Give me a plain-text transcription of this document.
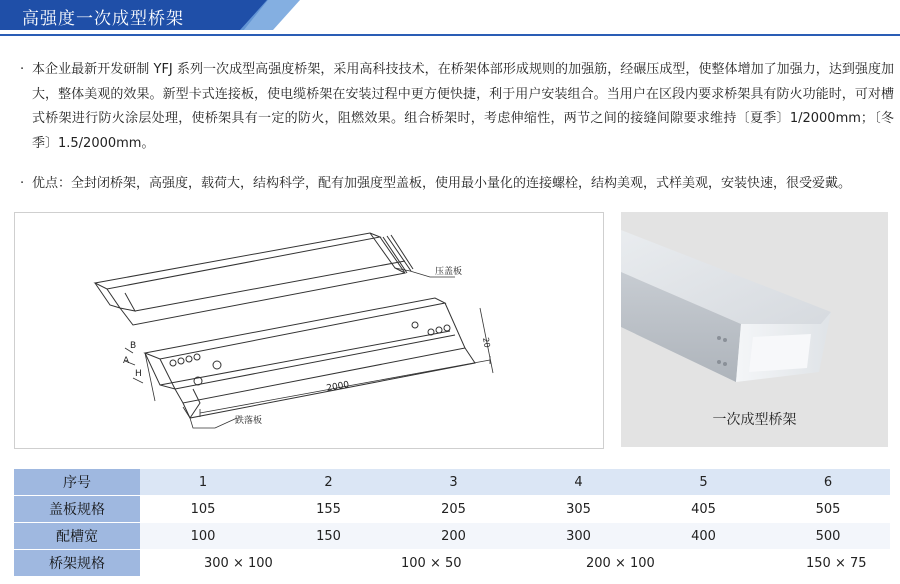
高强度一次成型桥架
· 本企业最新开发研制 YFJ 系列一次成型高强度桥架，采用高科技技术，在桥架体部形成规则的加强筋，经碾压成型，使整体增加了加强力，达到强度加大，整体美观的效果。新型卡式连接板，使电缆桥架在安装过程中更方便快捷，利于用户安装组合。当用户在区段内要求桥架具有防火功能时，可对槽式桥架进行防火涂层处理，使桥架具有一定的防火，阻燃效果。组合桥架时，考虑伸缩性，两节之间的接缝间隙要求维持〔夏季〕1/2000mm；〔冬季〕1.5/2000mm。
· 优点：全封闭桥架，高强度，载荷大，结构科学，配有加强度型盖板，使用最小量化的连接螺栓，结构美观，式样美观，安装快速，很受爱戴。
压盖板
跌落板
2000
20
A
B
H
一次成型桥架
序号	1	2	3	4	5	6
盖板规格	105	155	205	305	405	505
配槽宽	100	150	200	300	400	500
桥架规格	300 × 100		100 × 50	200 × 100		150 × 75
